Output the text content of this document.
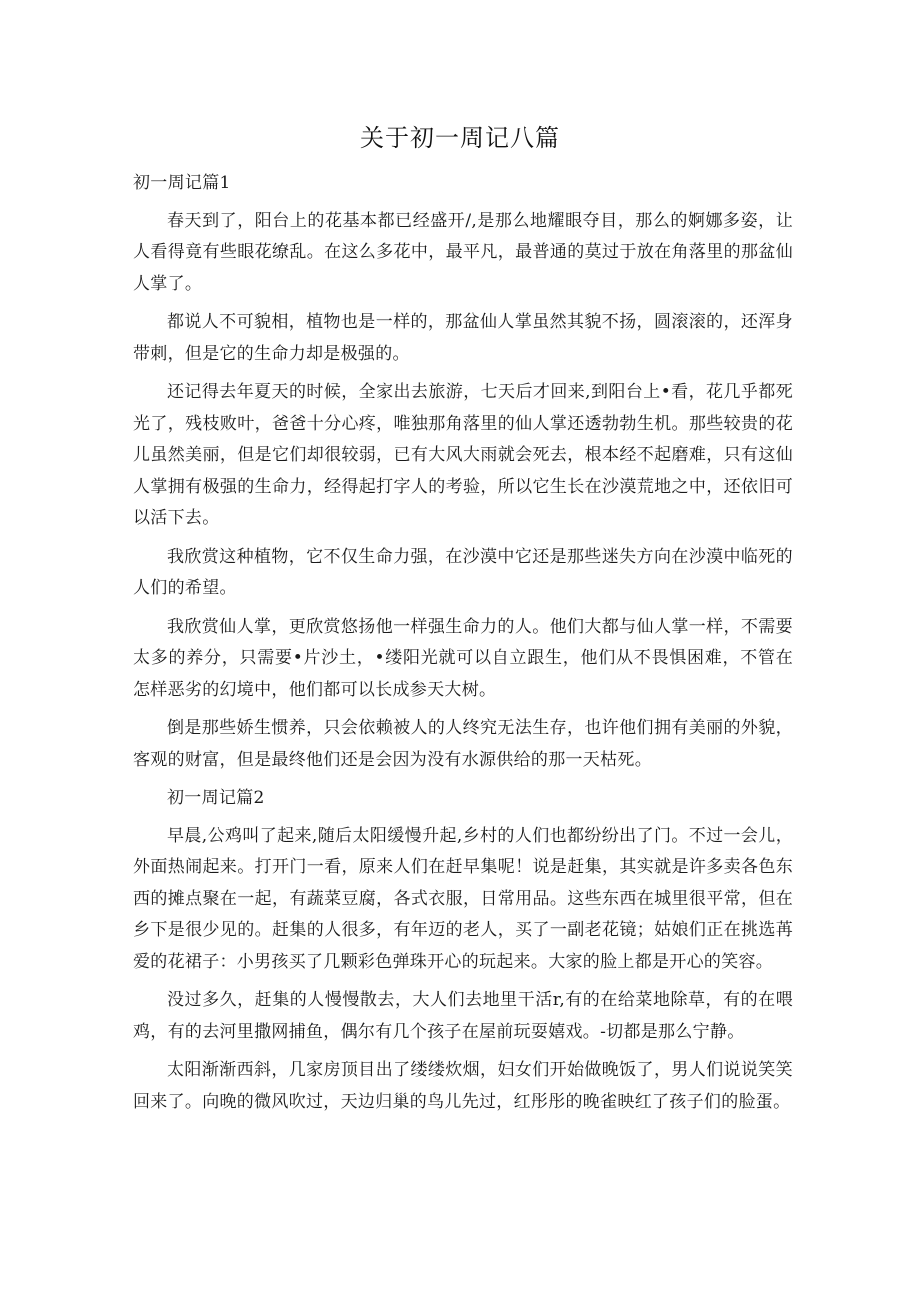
关于初一周记八篇

初一周记篇1

春天到了，阳台上的花基本都已经盛开/,是那么地耀眼夺目，那么的婀娜多姿，让人看得竟有些眼花缭乱。在这么多花中，最平凡，最普通的莫过于放在角落里的那盆仙人掌了。

都说人不可貌相，植物也是一样的，那盆仙人掌虽然其貌不扬，圆滚滚的，还浑身带刺，但是它的生命力却是极强的。

还记得去年夏天的时候，全家出去旅游，七天后才回来,到阳台上•看，花几乎都死光了，残枝败叶，爸爸十分心疼，唯独那角落里的仙人掌还透勃勃生机。那些较贵的花儿虽然美丽，但是它们却很较弱，已有大风大雨就会死去，根本经不起磨难，只有这仙人掌拥有极强的生命力，经得起打字人的考验，所以它生长在沙漠荒地之中，还依旧可以活下去。

我欣赏这种植物，它不仅生命力强，在沙漠中它还是那些迷失方向在沙漠中临死的人们的希望。

我欣赏仙人掌，更欣赏悠扬他一样强生命力的人。他们大都与仙人掌一样，不需要太多的养分，只需要•片沙土，•缕阳光就可以自立跟生，他们从不畏惧困难，不管在怎样恶劣的幻境中，他们都可以长成参天大树。

倒是那些娇生惯养，只会依赖被人的人终究无法生存，也许他们拥有美丽的外貌，客观的财富，但是最终他们还是会因为没有水源供给的那一天枯死。

初一周记篇2

早晨,公鸡叫了起来,随后太阳缓慢升起,乡村的人们也都纷纷出了门。不过一会儿，外面热闹起来。打开门一看，原来人们在赶早集呢！说是赶集，其实就是许多卖各色东西的摊点聚在一起，有蔬菜豆腐，各式衣服，日常用品。这些东西在城里很平常，但在乡下是很少见的。赶集的人很多，有年迈的老人，买了一副老花镜；姑娘们正在挑选苒爱的花裙子：小男孩买了几颗彩色弹珠开心的玩起来。大家的脸上都是开心的笑容。

没过多久，赶集的人慢慢散去，大人们去地里干活r,有的在给菜地除草，有的在喂鸡，有的去河里撒网捕鱼，偶尔有几个孩子在屋前玩耍嬉戏。-切都是那么宁静。

太阳渐渐西斜，几家房顶目出了缕缕炊烟，妇女们开始做晚饭了，男人们说说笑笑回来了。向晚的微风吹过，天边归巢的鸟儿先过，红彤彤的晚雀映红了孩子们的脸蛋。
